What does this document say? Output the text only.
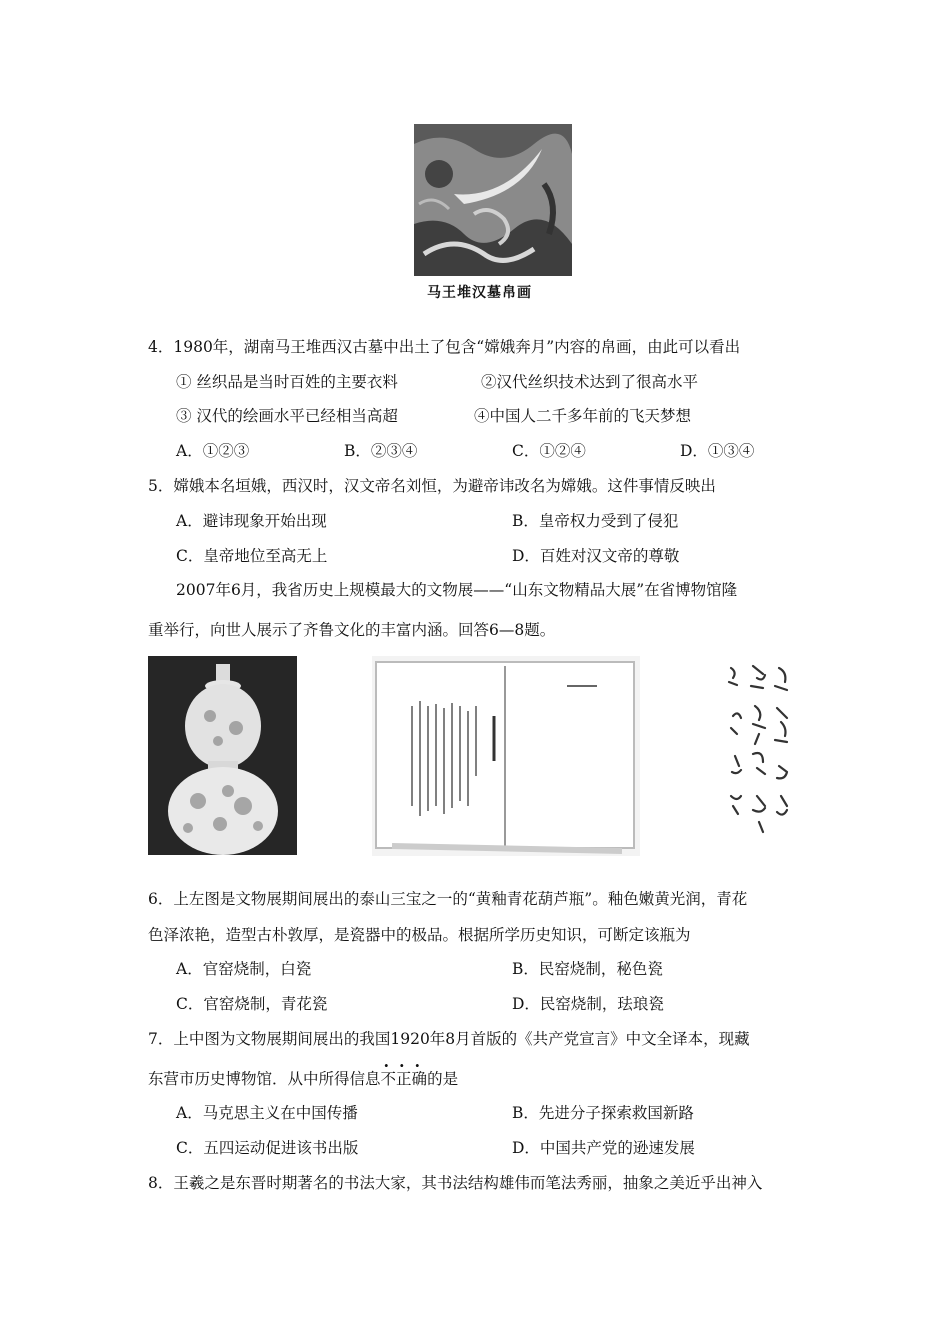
马王堆汉墓帛画
4．1980年，湖南马王堆西汉古墓中出土了包含“嫦娥奔月”内容的帛画，由此可以看出
① 丝织品是当时百姓的主要衣料	②汉代丝织技术达到了很高水平
③ 汉代的绘画水平已经相当高超	④中国人二千多年前的飞天梦想
A．①②③	B．②③④	C．①②④	D．①③④
5．嫦娥本名垣娥，西汉时，汉文帝名刘恒，为避帝讳改名为嫦娥。这件事情反映出
A．避讳现象开始出现	B．皇帝权力受到了侵犯
C．皇帝地位至高无上	D．百姓对汉文帝的尊敬
2007年6月，我省历史上规模最大的文物展——“山东文物精品大展”在省博物馆隆
重举行，向世人展示了齐鲁文化的丰富内涵。回答6—8题。
6．上左图是文物展期间展出的泰山三宝之一的“黄釉青花葫芦瓶”。釉色嫩黄光润，青花
色泽浓艳，造型古朴敦厚，是瓷器中的极品。根据所学历史知识，可断定该瓶为
A．官窑烧制，白瓷	B．民窑烧制，秘色瓷
C．官窑烧制，青花瓷	D．民窑烧制，珐琅瓷
7．上中图为文物展期间展出的我国1920年8月首版的《共产党宣言》中文全译本，现藏
东营市历史博物馆．从中所得信息不正确的是
A．马克思主义在中国传播	B．先进分子探索救国新路
C．五四运动促进该书出版	D．中国共产党的逊速发展
8．王羲之是东晋时期著名的书法大家，其书法结构雄伟而笔法秀丽，抽象之美近乎出神入
